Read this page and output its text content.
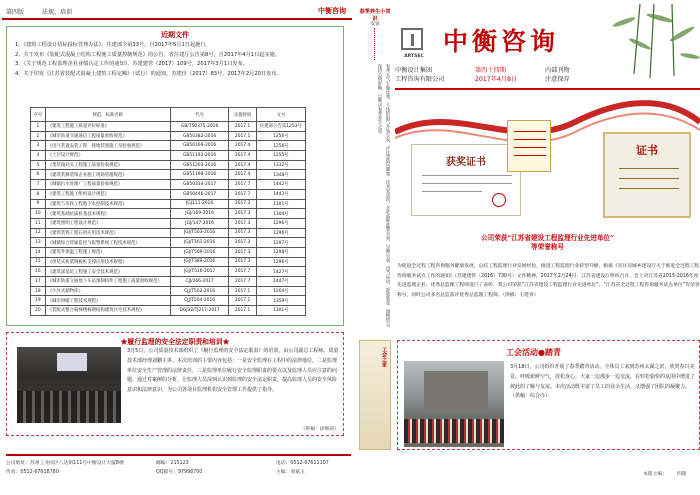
第四版	法规、培训	中衡咨询
近期文件

1、《建筑工程设计招标投标管理办法》，住建部令第33号，自2017年5月1日起施行。

2、关于发布《装配式混凝土结构工程施工质量控制规范》的公告，省住建厅公告第8号，自2017年4月1日起实施。

3、《关于规范工程监理企业业绩认定工作的通知》，苏建建管（2017）109号，2017年3月1日发布。

4、关于印发《江苏省装配式混凝土建筑工程定额》（试行）的通知，苏建价（2017）83号，2017年2月20日发布。

序号	规范、标准名称	代号	实施时间	文号
1	《建筑工程施工质量评价标准》	GB/T50375-2016	2017.1	住建部公告第1253号
2	《城市轨道交通通信工程质量验收规范》	GB50382-2016	2017.1	1256号
3	《电气装置安装工程　接地装置施工及验收规范》	GB50169-2016	2017.4	1256号
4	《土层设计规范》	GB51192-2016	2017.4	1255号
5	《集装箱码头工程施工质量验收规范》	GB51203-2016	2017.4	1332号
6	《建筑装修装饰企业施工现场管理规范》	GB51198-2016	2017.4	1348号
7	《城镇污水处理厂工程质量验收规范》	GB50334-2017	2017.7	1442号
8	《建筑工程施工组织设计规范》	GB50446-2017	2017.7	1443号
9	《建筑与市政工程地下水控制技术规范》	JGJ111-2016	2017.3	1301号
10	《建筑基础抗拔桩基技术规程》	JGJ/169-2016	2017.3	1304号
11	《建筑照明工程设计规范》	JGJ/147-2016	2017.3	1296号
12	《建筑装饰工程石材应用技术规范》	JGJ/T503-2016	2017.3	1296号
13	《城镇综合管廊监控与报警系统工程技术规范》	JGJ/T161-2016	2017.3	1297号
14	《建筑外保温工程施工规范》	JGJ/T509-2016	2017.3	1298号
15	《组装式桁架钢板桩支撑应用技术规程》	JGJ/T389-2016	2017.3	1296号
16	《建筑深基坑工程施工安全技术规范》	JGJ/T516-2017	2017.7	1427号
17	《城市轨道交通地下车站预制构件工程施工质量验收规范》	CJJ/266-2017	2017.7	1447号
18	《小区式储物库》	CJJ/T502-2016	2017.1	1264号
19	《城市供暖工程技术规程》	CJJ/T504-2016	2017.1	1359号
20	《装配式整合箱梯楼栋钢结构建筑住宅技术规程》	DGJ32/TJ217-2017	2017.1	1301号
★履行监理的安全法定职责和培训★
3月5日，公司质量技术部组织了《履行监理的安全法定职责》的培训，由公司副总工程师、质量技术部经理刘鹏主讲。本次培训的主要内容包括：一是安全监理在工程中的法律地位，二是监理单位安全生产管理的法律责任，三是监理单位履行安全监理职责的要点以及监理人员应注意的问题。通过对案例的分析，让监理人员深刻认识到监理的安全法定职责，提高监理人员的安全风险意识和法律意识，为公司各项目监理机构安全管理工作提供了指导。
（供稿：徐焕研）
公司地址：苏州工业园区八达街111号中衡设计大厦8楼	邮编：215123	电话：0512-67611107
传真：0512-67618780	QQ群号：97998700	主编：刘斌玉
春季养生小常识
安说
春季天气乍暖还寒，人体的阳气开始生发，应注意防风御寒，饮食宜清淡，多吃新鲜蔬菜水果，早睡早起，适当运动，舒展筋骨，调畅情志，保持心情舒畅，以顺应春季养生之道。
工会之家
ARTSEC
中衡咨询
中衡设计集团
工程咨询有限公司
第四十四期
2017年4月8日
内部刊物
注意保存
获奖证书
证书
公司荣获“江苏省建设工程监理行业先进单位”
等荣誉称号
为促进全过程工程咨询服务健康发展，总结工程监理行业发展经验，推进工程监理行业转型升级，根据《省住房城乡建设厅关于推进全过程工程咨询服务试点工作的通知》（苏建建管〔2016〕730号）文件精神，2017年2月24日，江苏省建设厅组织召开，会上对江苏省2015-2016年度先进监理企业、优秀总监理工程师进行了表彰，我公司荣获“江苏省建设工程监理行业先进单位”、“江苏省全过程工程咨询服务试点单位”等荣誉称号，同时公司多名总监获评优秀总监理工程师。（供稿：王建青）
工会活动●踏青
3月18日，公司组织开展了春季踏青活动。全体员工来到苏州太湖之滨，欣赏春日美景，呼吸新鲜空气，放松身心。大家一边漫步一边交流，在轻松愉快的氛围中增进了彼此的了解与友谊。本次活动既丰富了员工的业余生活，又增强了团队的凝聚力。（供稿：综合办）
本版主编： 四版
